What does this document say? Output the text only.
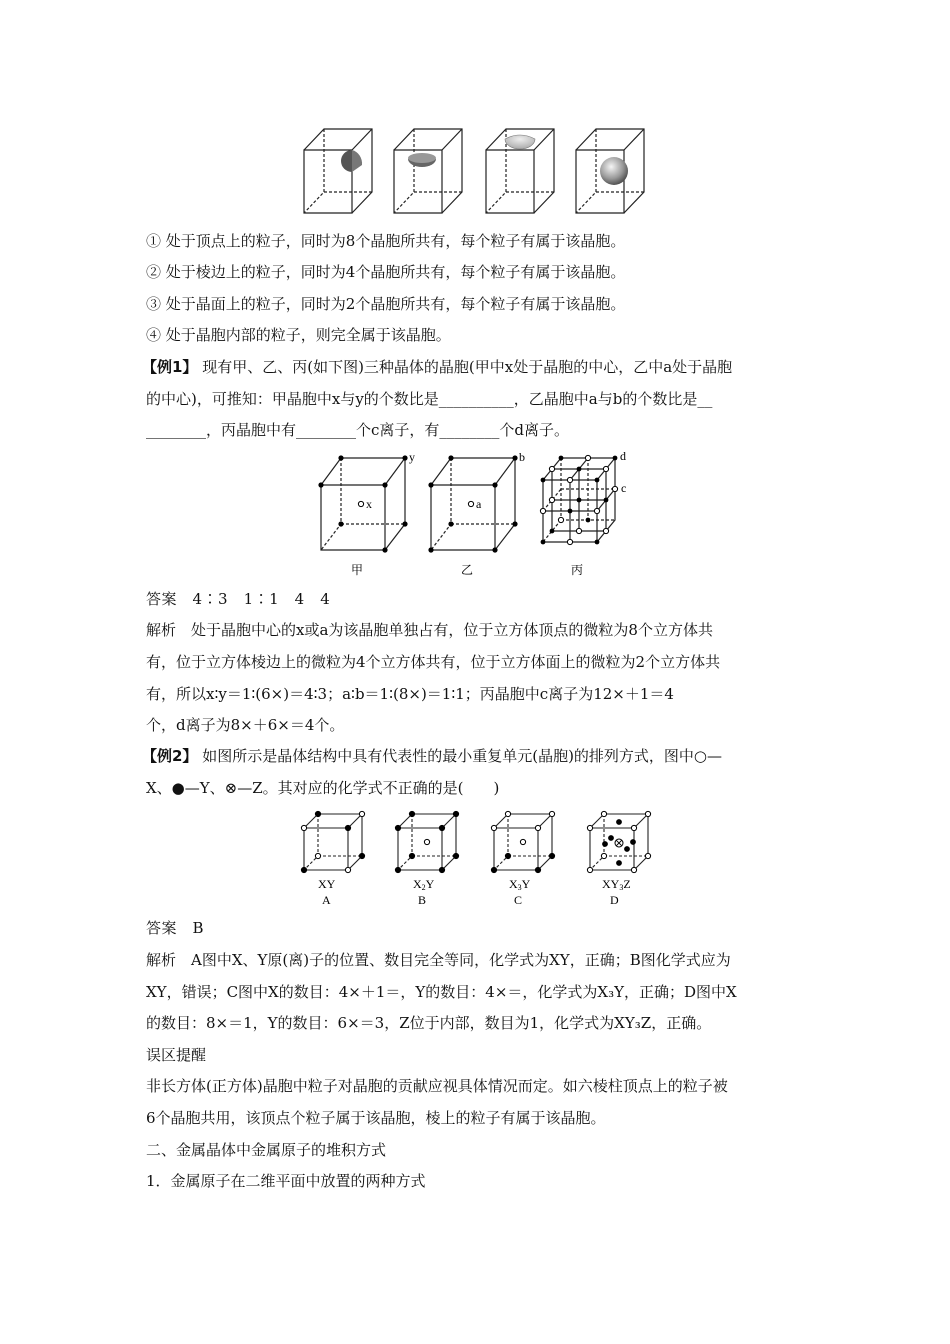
① 处于顶点上的粒子，同时为8个晶胞所共有，每个粒子有属于该晶胞。
② 处于棱边上的粒子，同时为4个晶胞所共有，每个粒子有属于该晶胞。
③ 处于晶面上的粒子，同时为2个晶胞所共有，每个粒子有属于该晶胞。
④ 处于晶胞内部的粒子，则完全属于该晶胞。
【例1】 现有甲、乙、丙(如下图)三种晶体的晶胞(甲中x处于晶胞的中心，乙中a处于晶胞
的中心)，可推知：甲晶胞中x与y的个数比是__________，乙晶胞中a与b的个数比是__
________，丙晶胞中有________个c离子，有________个d离子。
x
y
a
b	d
c
甲	乙	丙
答案　4∶3　1∶1　4　4
解析　处于晶胞中心的x或a为该晶胞单独占有，位于立方体顶点的微粒为8个立方体共
有，位于立方体棱边上的微粒为4个立方体共有，位于立方体面上的微粒为2个立方体共
有，所以x∶y＝1∶(6×)＝4∶3；a∶b＝1∶(8×)＝1∶1；丙晶胞中c离子为12×＋1＝4
个，d离子为8×＋6×＝4个。
【例2】 如图所示是晶体结构中具有代表性的最小重复单元(晶胞)的排列方式，图中○—
X、●—Y、⊗—Z。其对应的化学式不正确的是(　　)
XY
A
X2Y
B
X3Y
C
XY3Z
D
答案　B
解析　A图中X、Y原(离)子的位置、数目完全等同，化学式为XY，正确；B图化学式应为
XY，错误；C图中X的数目：4×＋1＝，Y的数目：4×＝，化学式为X₃Y，正确；D图中X
的数目：8×＝1，Y的数目：6×＝3，Z位于内部，数目为1，化学式为XY₃Z，正确。
误区提醒
非长方体(正方体)晶胞中粒子对晶胞的贡献应视具体情况而定。如六棱柱顶点上的粒子被
6个晶胞共用，该顶点个粒子属于该晶胞，棱上的粒子有属于该晶胞。
二、金属晶体中金属原子的堆积方式
1．金属原子在二维平面中放置的两种方式
